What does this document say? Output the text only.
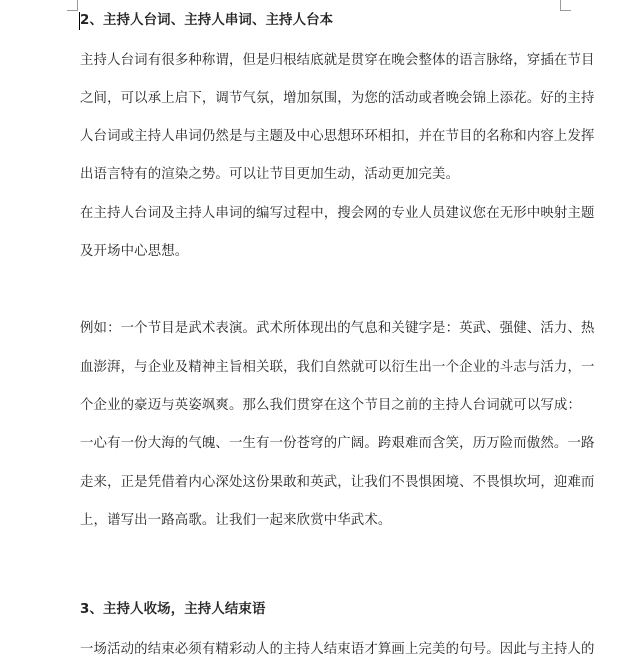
2、主持人台词、主持人串词、主持人台本
主持人台词有很多种称谓，但是归根结底就是贯穿在晚会整体的语言脉络，穿插在节目
之间，可以承上启下，调节气氛，增加氛围，为您的活动或者晚会锦上添花。好的主持
人台词或主持人串词仍然是与主题及中心思想环环相扣，并在节目的名称和内容上发挥
出语言特有的渲染之势。可以让节目更加生动，活动更加完美。
在主持人台词及主持人串词的编写过程中，搜会网的专业人员建议您在无形中映射主题
及开场中心思想。
例如：一个节目是武术表演。武术所体现出的气息和关键字是：英武、强健、活力、热
血澎湃，与企业及精神主旨相关联，我们自然就可以衍生出一个企业的斗志与活力，一
个企业的豪迈与英姿飒爽。那么我们贯穿在这个节目之前的主持人台词就可以写成：
一心有一份大海的气魄、一生有一份苍穹的广阔。跨艰难而含笑，历万险而傲然。一路
走来，正是凭借着内心深处这份果敢和英武，让我们不畏惧困境、不畏惧坎坷，迎难而
上，谱写出一路高歌。让我们一起来欣赏中华武术。
3、主持人收场，主持人结束语
一场活动的结束必须有精彩动人的主持人结束语才算画上完美的句号。因此与主持人的
